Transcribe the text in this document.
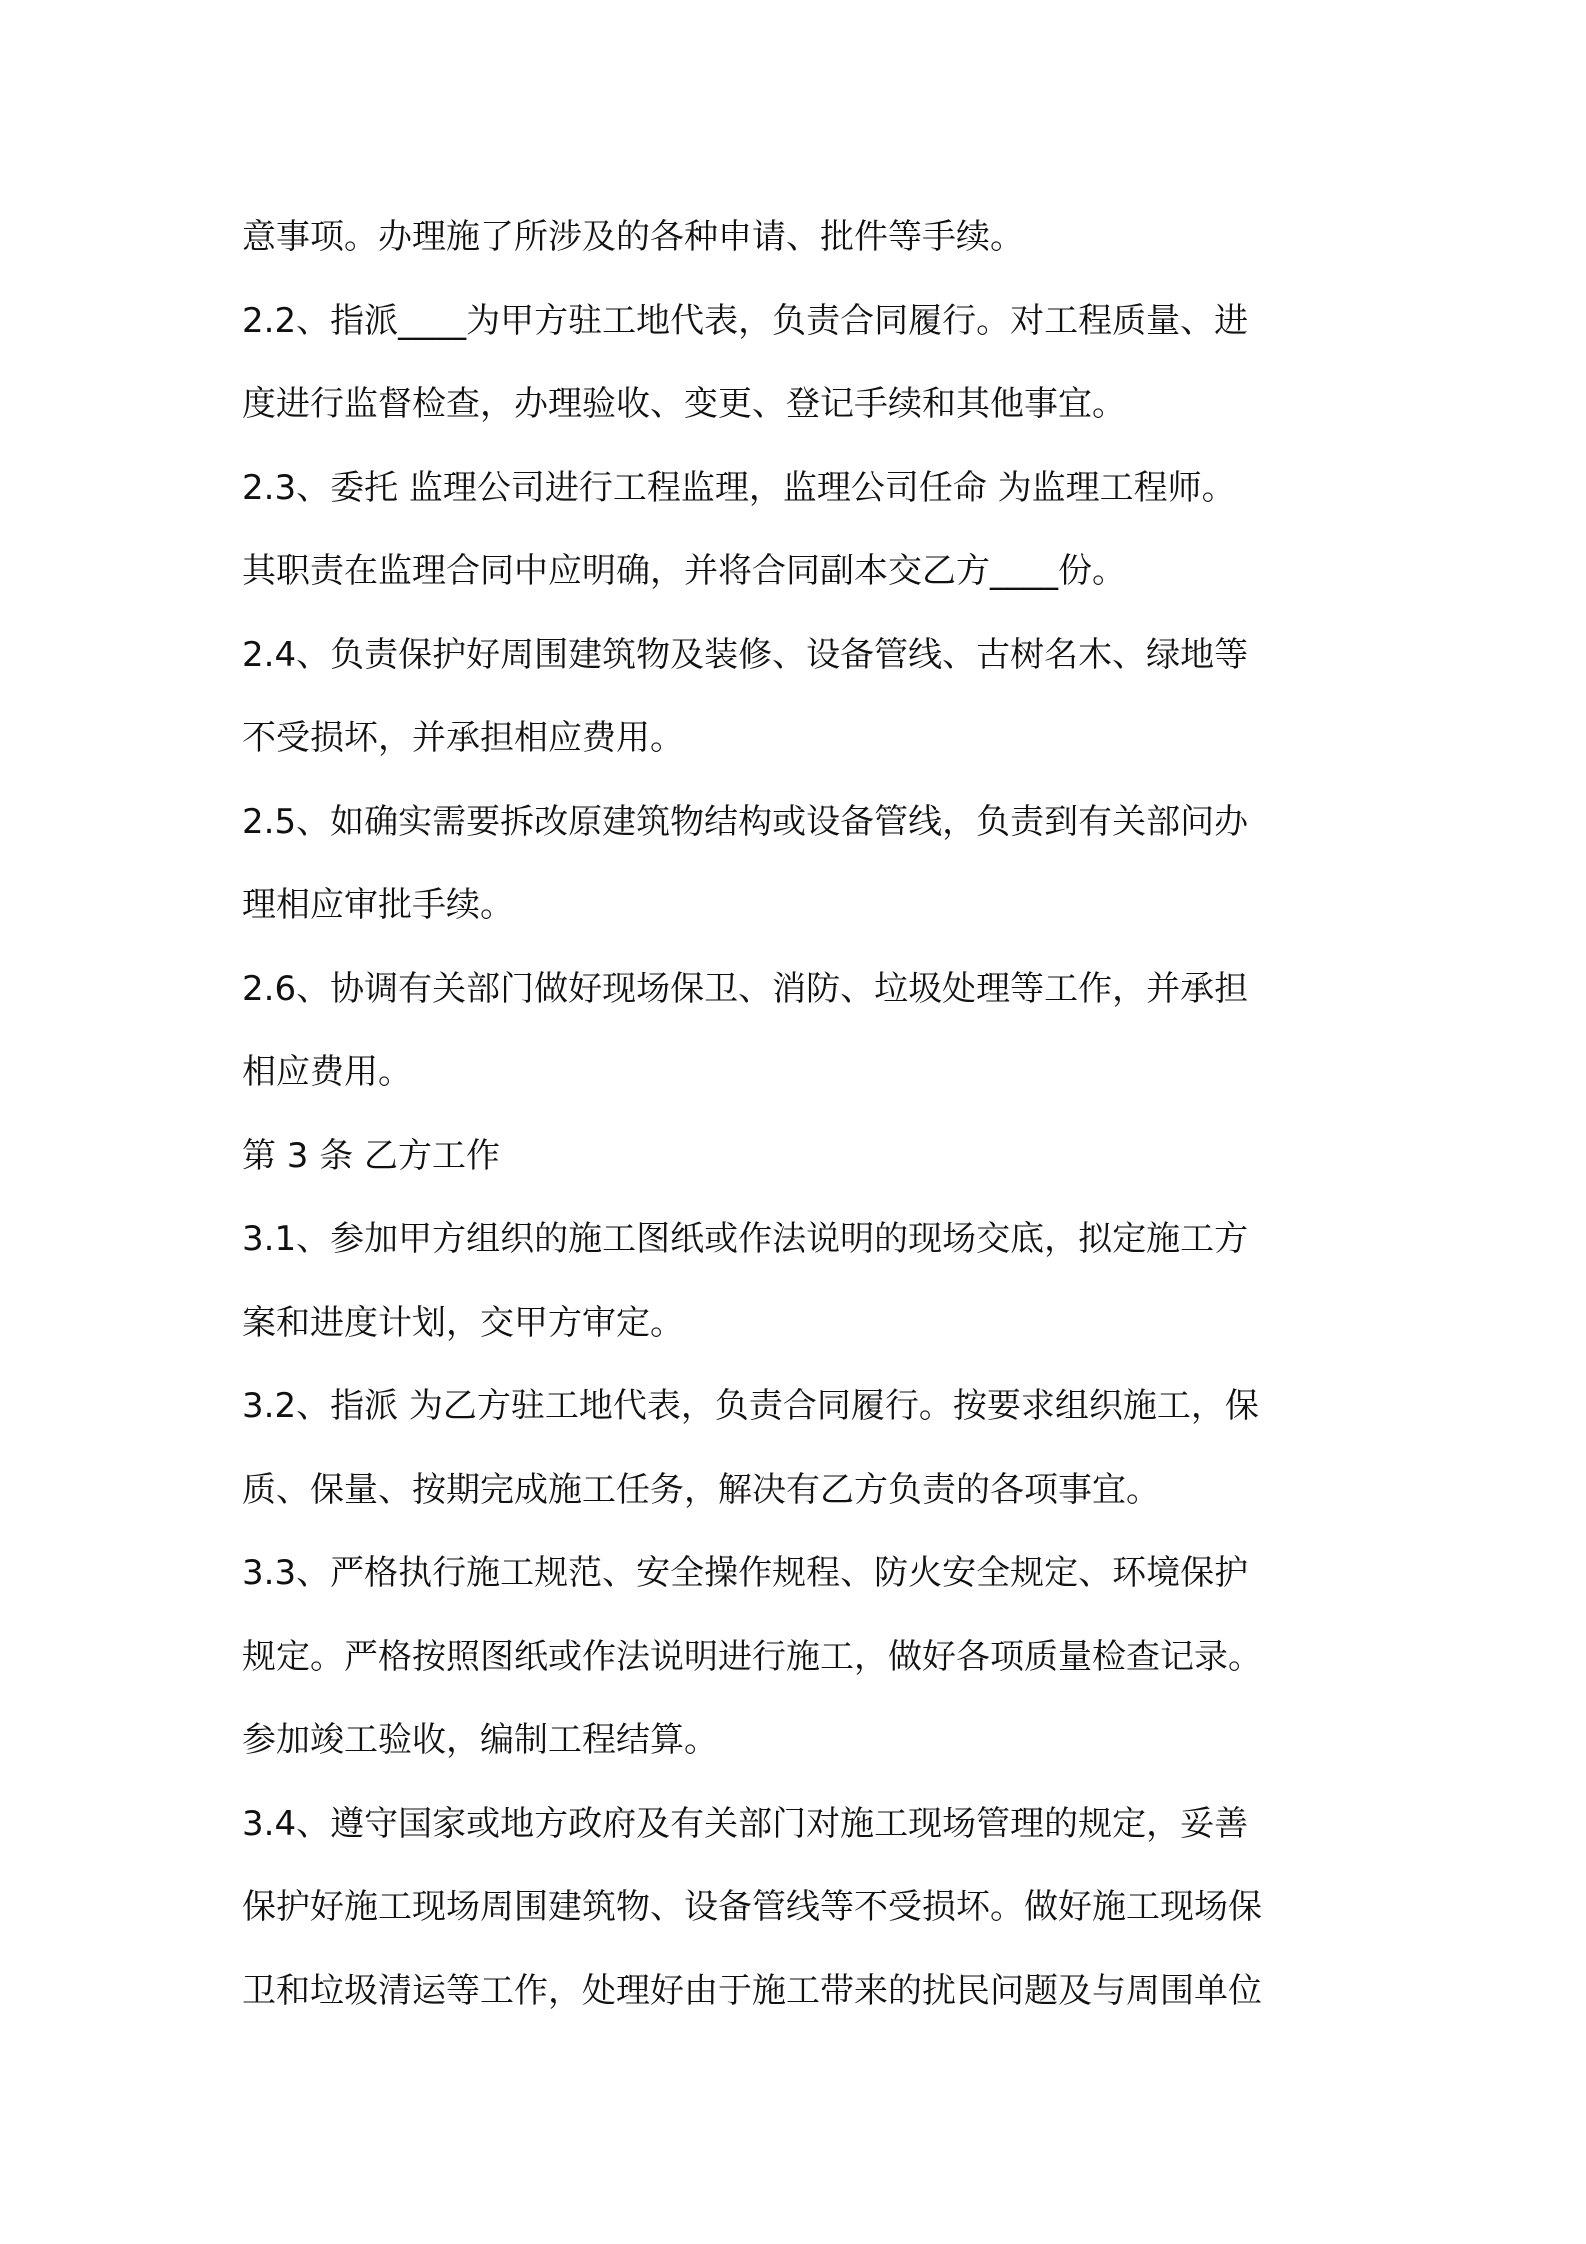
意事项。办理施了所涉及的各种申请、批件等手续。
2.2、指派____为甲方驻工地代表，负责合同履行。对工程质量、进
度进行监督检查，办理验收、变更、登记手续和其他事宜。
2.3、委托 监理公司进行工程监理，监理公司任命 为监理工程师。
其职责在监理合同中应明确，并将合同副本交乙方____份。
2.4、负责保护好周围建筑物及装修、设备管线、古树名木、绿地等
不受损坏，并承担相应费用。
2.5、如确实需要拆改原建筑物结构或设备管线，负责到有关部问办
理相应审批手续。
2.6、协调有关部门做好现场保卫、消防、垃圾处理等工作，并承担
相应费用。
第 3 条 乙方工作
3.1、参加甲方组织的施工图纸或作法说明的现场交底，拟定施工方
案和进度计划，交甲方审定。
3.2、指派 为乙方驻工地代表，负责合同履行。按要求组织施工，保
质、保量、按期完成施工任务，解决有乙方负责的各项事宜。
3.3、严格执行施工规范、安全操作规程、防火安全规定、环境保护
规定。严格按照图纸或作法说明进行施工，做好各项质量检查记录。
参加竣工验收，编制工程结算。
3.4、遵守国家或地方政府及有关部门对施工现场管理的规定，妥善
保护好施工现场周围建筑物、设备管线等不受损坏。做好施工现场保
卫和垃圾清运等工作，处理好由于施工带来的扰民问题及与周围单位
